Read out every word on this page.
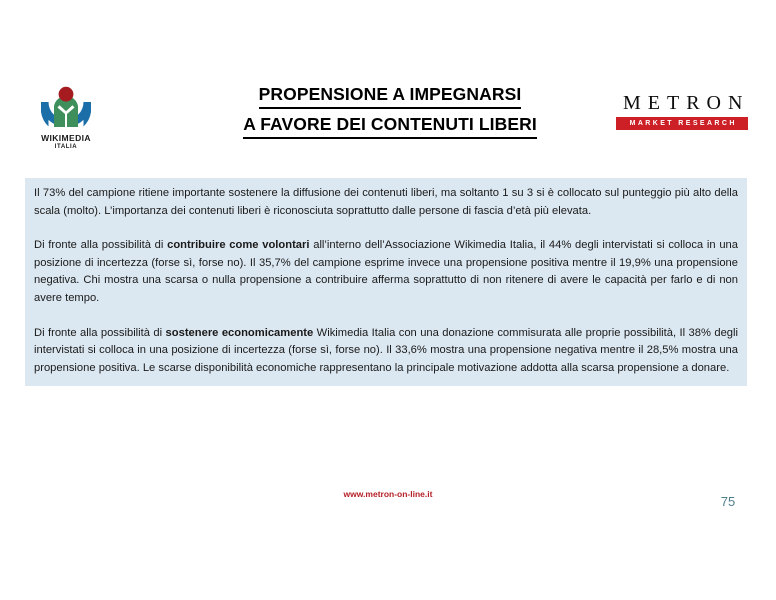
WIKIMEDIA
ITALIA
PROPENSIONE A IMPEGNARSI A FAVORE DEI CONTENUTI LIBERI
METRON
MARKET RESEARCH

Il 73% del campione ritiene importante sostenere la diffusione dei contenuti liberi, ma soltanto 1 su 3 si è collocato sul punteggio più alto della scala (molto). L’importanza dei contenuti liberi è riconosciuta soprattutto dalle persone di fascia d’età più elevata.

Di fronte alla possibilità di contribuire come volontari all’interno dell’Associazione Wikimedia Italia, il 44% degli intervistati si colloca in una posizione di incertezza (forse sì, forse no). Il 35,7% del campione esprime invece una propensione positiva mentre il 19,9% una propensione negativa. Chi mostra una scarsa o nulla propensione a contribuire afferma soprattutto di non ritenere di avere le capacità per farlo e di non avere tempo.

Di fronte alla possibilità di sostenere economicamente Wikimedia Italia con una donazione commisurata alle proprie possibilità, Il 38% degli intervistati si colloca in una posizione di incertezza (forse sì, forse no). Il 33,6% mostra una propensione negativa mentre il 28,5% mostra una propensione positiva. Le scarse disponibilità economiche rappresentano la principale motivazione addotta alla scarsa propensione a donare.

www.metron-on-line.it	75
